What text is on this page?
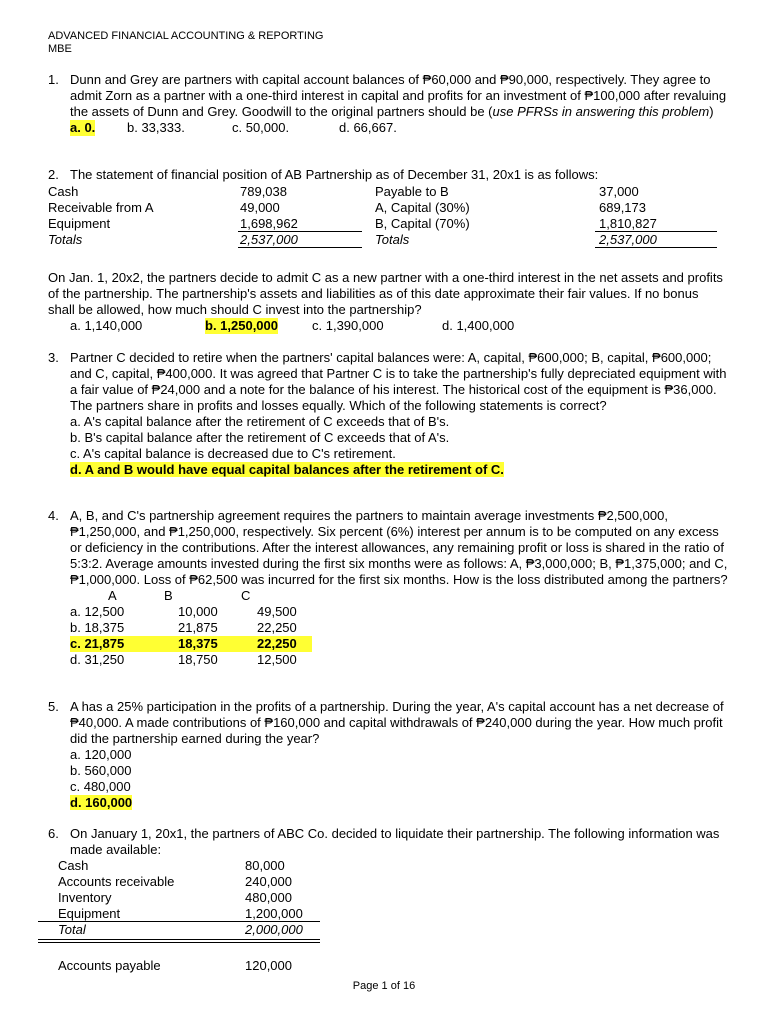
ADVANCED FINANCIAL ACCOUNTING & REPORTING
MBE
1. Dunn and Grey are partners with capital account balances of ₱60,000 and ₱90,000, respectively. They agree to admit Zorn as a partner with a one-third interest in capital and profits for an investment of ₱100,000 after revaluing the assets of Dunn and Grey. Goodwill to the original partners should be (use PFRSs in answering this problem)
a. 0. b. 33,333.	c. 50,000.	d. 66,667.
2. The statement of financial position of AB Partnership as of December 31, 20x1 is as follows:
Cash	789,038	Payable to B	37,000
Receivable from A	49,000	A, Capital (30%)	689,173
Equipment	1,698,962	B, Capital (70%)	1,810,827
Totals	2,537,000	Totals	2,537,000
On Jan. 1, 20x2, the partners decide to admit C as a new partner with a one-third interest in the net assets and profits of the partnership. The partnership's assets and liabilities as of this date approximate their fair values. If no bonus shall be allowed, how much should C invest into the partnership?
a. 1,140,000	b. 1,250,000	c. 1,390,000	d. 1,400,000
3. Partner C decided to retire when the partners' capital balances were: A, capital, ₱600,000; B, capital, ₱600,000; and C, capital, ₱400,000. It was agreed that Partner C is to take the partnership's fully depreciated equipment with a fair value of ₱24,000 and a note for the balance of his interest. The historical cost of the equipment is ₱36,000. The partners share in profits and losses equally. Which of the following statements is correct?
a. A's capital balance after the retirement of C exceeds that of B's.
b. B's capital balance after the retirement of C exceeds that of A's.
c. A's capital balance is decreased due to C's retirement.
d. A and B would have equal capital balances after the retirement of C.
4. A, B, and C's partnership agreement requires the partners to maintain average investments ₱2,500,000, ₱1,250,000, and ₱1,250,000, respectively. Six percent (6%) interest per annum is to be computed on any excess or deficiency in the contributions. After the interest allowances, any remaining profit or loss is shared in the ratio of 5:3:2. Average amounts invested during the first six months were as follows: A, ₱3,000,000; B, ₱1,375,000; and C, ₱1,000,000. Loss of ₱62,500 was incurred for the first six months. How is the loss distributed among the partners?
A	B	C
a. 12,500	10,000	49,500
b. 18,375	21,875	22,250
c. 21,875	18,375	22,250
d. 31,250	18,750	12,500
5. A has a 25% participation in the profits of a partnership. During the year, A's capital account has a net decrease of ₱40,000. A made contributions of ₱160,000 and capital withdrawals of ₱240,000 during the year. How much profit did the partnership earned during the year?
a. 120,000
b. 560,000
c. 480,000
d. 160,000
6. On January 1, 20x1, the partners of ABC Co. decided to liquidate their partnership. The following information was made available:
Cash	80,000
Accounts receivable	240,000
Inventory	480,000
Equipment	1,200,000
Total	2,000,000
Accounts payable	120,000
Page 1 of 16
